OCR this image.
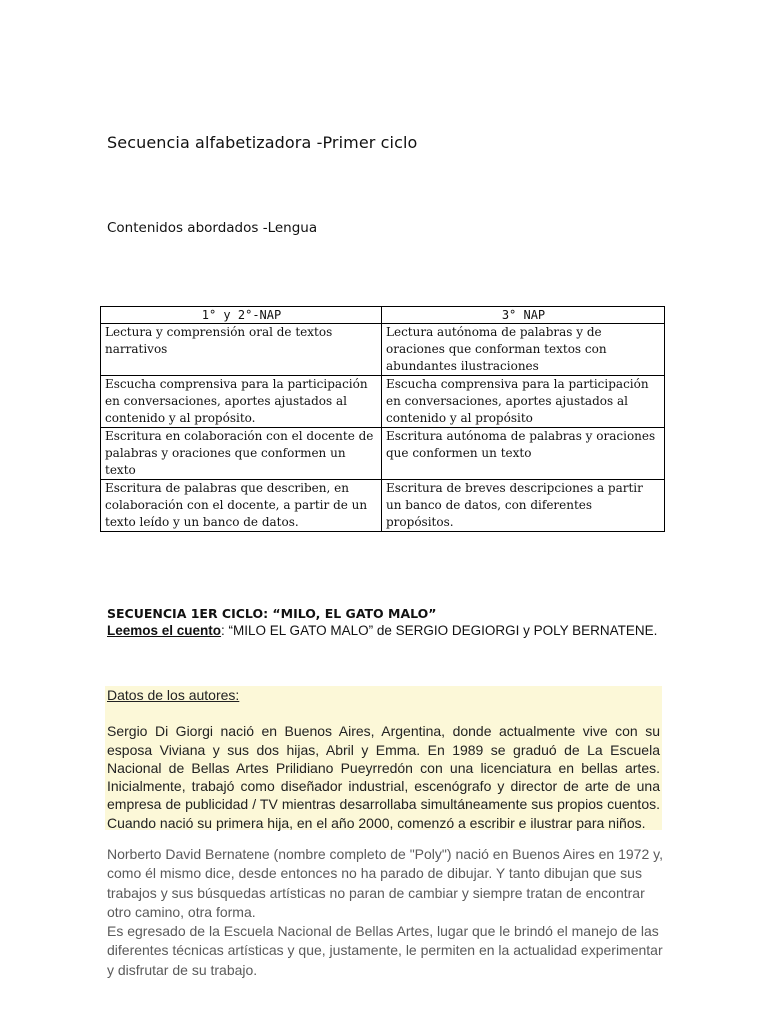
Secuencia alfabetizadora -Primer ciclo
Contenidos abordados -Lengua
1° y 2°-NAP	3° NAP
Lectura y comprensión oral de textos narrativos	Lectura autónoma de palabras y de oraciones que conforman textos con abundantes ilustraciones
Escucha comprensiva para la participación en conversaciones, aportes ajustados al contenido y al propósito.	Escucha comprensiva para la participación en conversaciones, aportes ajustados al contenido y al propósito
Escritura en colaboración con el docente de palabras y oraciones que conformen un texto	Escritura autónoma de palabras y oraciones que conformen un texto
Escritura de palabras que describen, en colaboración con el docente, a partir de un texto leído y un banco de datos.	Escritura de breves descripciones a partir un banco de datos, con diferentes propósitos.
SECUENCIA 1ER CICLO: “MILO, EL GATO MALO”
Leemos el cuento: “MILO EL GATO MALO” de SERGIO DEGIORGI y POLY BERNATENE.

Datos de los autores:

Sergio Di Giorgi nació en Buenos Aires, Argentina, donde actualmente vive con su esposa Viviana y sus dos hijas, Abril y Emma. En 1989 se graduó de La Escuela Nacional de Bellas Artes Prilidiano Pueyrredón con una licenciatura en bellas artes. Inicialmente, trabajó como diseñador industrial, escenógrafo y director de arte de una empresa de publicidad / TV mientras desarrollaba simultáneamente sus propios cuentos. Cuando nació su primera hija, en el año 2000, comenzó a escribir e ilustrar para niños.

Norberto David Bernatene (nombre completo de "Poly") nació en Buenos Aires en 1972 y, como él mismo dice, desde entonces no ha parado de dibujar. Y tanto dibujan que sus trabajos y sus búsquedas artísticas no paran de cambiar y siempre tratan de encontrar otro camino, otra forma.

Es egresado de la Escuela Nacional de Bellas Artes, lugar que le brindó el manejo de las diferentes técnicas artísticas y que, justamente, le permiten en la actualidad experimentar y disfrutar de su trabajo.
